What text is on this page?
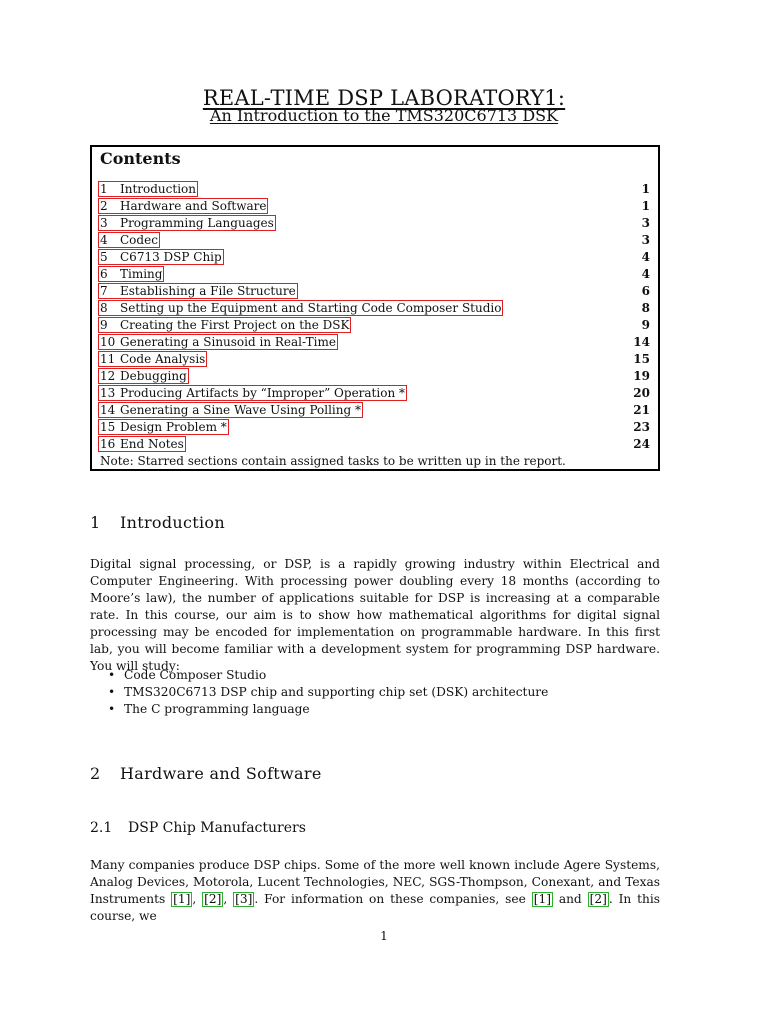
REAL-TIME DSP LABORATORY1:
An Introduction to the TMS320C6713 DSK
Contents
1 Introduction	1
2 Hardware and Software	1
3 Programming Languages	3
4 Codec	3
5 C6713 DSP Chip	4
6 Timing	4
7 Establishing a File Structure	6
8 Setting up the Equipment and Starting Code Composer Studio	8
9 Creating the First Project on the DSK	9
10 Generating a Sinusoid in Real-Time	14
11 Code Analysis	15
12 Debugging	19
13 Producing Artifacts by “Improper” Operation *	20
14 Generating a Sine Wave Using Polling *	21
15 Design Problem *	23
16 End Notes	24
Note: Starred sections contain assigned tasks to be written up in the report.
1 Introduction
Digital signal processing, or DSP, is a rapidly growing industry within Electrical and Computer Engineering. With processing power doubling every 18 months (according to Moore’s law), the number of applications suitable for DSP is increasing at a comparable rate. In this course, our aim is to show how mathematical algorithms for digital signal processing may be encoded for implementation on programmable hardware. In this first lab, you will become familiar with a development system for programming DSP hardware. You will study:
• Code Composer Studio
• TMS320C6713 DSP chip and supporting chip set (DSK) architecture
• The C programming language
2 Hardware and Software
2.1 DSP Chip Manufacturers
Many companies produce DSP chips. Some of the more well known include Agere Systems, Analog Devices, Motorola, Lucent Technologies, NEC, SGS-Thompson, Conexant, and Texas Instruments [1] , [2] , [3] . For information on these companies, see [1] and [2] . In this course, we
1
